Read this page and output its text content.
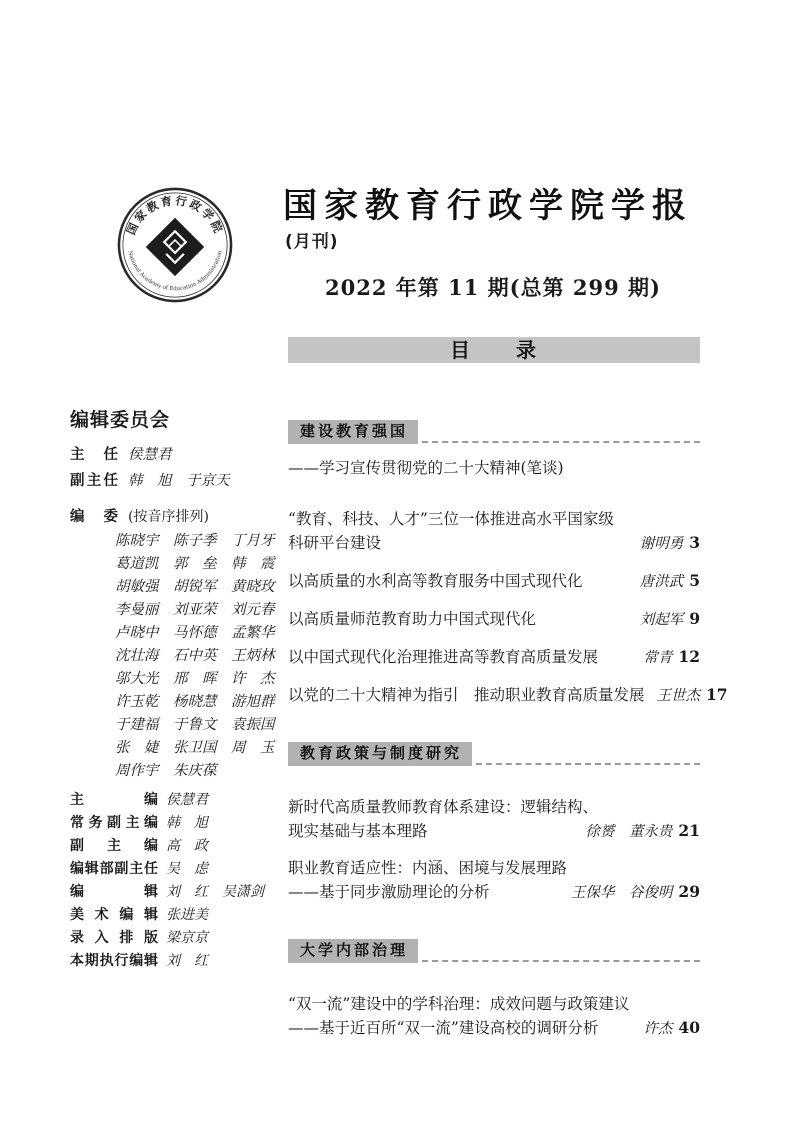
国家教育行政学院
National Academy of Education Administration
国家教育行政学院学报(月刊)
2022 年第 11 期(总第 299 期)
目　　录
编辑委员会
主任 侯慧君
副主任 韩　旭　于京天
编委 (按音序排列)
陈晓宇　陈子季　丁月牙
葛道凯　郭　垒　韩　震
胡敏强　胡锐军　黄晓玫
李曼丽　刘亚荣　刘元春
卢晓中　马怀德　孟繁华
沈壮海　石中英　王炳林
邬大光　邢　晖　许　杰
许玉乾　杨晓慧　游旭群
于建福　于鲁文　袁振国
张　婕　张卫国　周　玉
周作宇　朱庆葆
主编 侯慧君
常务副主编 韩　旭
副主编 高　政
编辑部副主任 吴　虑
编辑 刘　红　吴潇剑
美术编辑 张进美
录入排版 梁京京
本期执行编辑 刘　红
建设教育强国
——学习宣传贯彻党的二十大精神(笔谈)
“教育、科技、人才”三位一体推进高水平国家级
科研平台建设	谢明勇 3
以高质量的水利高等教育服务中国式现代化	唐洪武 5
以高质量师范教育助力中国式现代化	刘起军 9
以中国式现代化治理推进高等教育高质量发展	常青 12
以党的二十大精神为指引　推动职业教育高质量发展 王世杰 17
教育政策与制度研究
新时代高质量教师教育体系建设：逻辑结构、
现实基础与基本理路	徐赟　董永贵 21
职业教育适应性：内涵、困境与发展理路
——基于同步激励理论的分析	王保华　谷俊明 29
大学内部治理
“双一流”建设中的学科治理：成效问题与政策建议
——基于近百所“双一流”建设高校的调研分析	许杰 40
